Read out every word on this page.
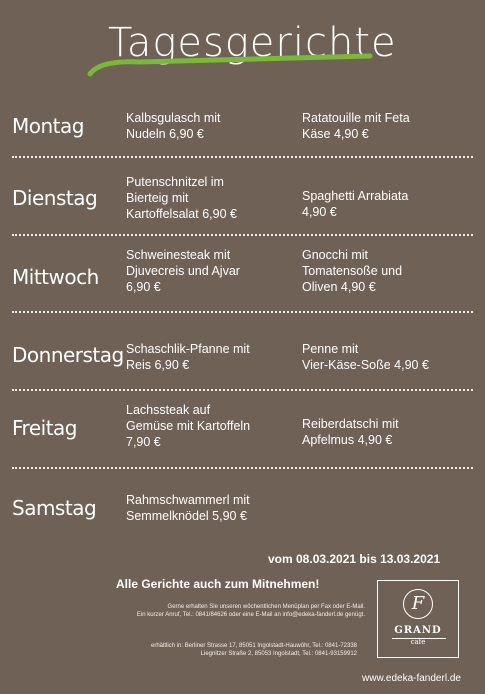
Tagesgerichte
Montag	Kalbsgulasch mit
Nudeln 6,90 €
Ratatouille mit Feta
Käse 4,90 €
Dienstag
Putenschnitzel im
Bierteig mit
Kartoffelsalat 6,90 €
Spaghetti Arrabiata
4,90 €
Mittwoch
Schweinesteak mit
Djuvecreis und Ajvar
6,90 €
Gnocchi mit
Tomatensoße und
Oliven 4,90 €
Donnerstag Schaschlik-Pfanne mit
Reis 6,90 €
Penne mit
Vier-Käse-Soße 4,90 €
Freitag
Lachssteak auf
Gemüse mit Kartoffeln
7,90 €
Reiberdatschi mit
Apfelmus 4,90 €
Samstag Rahmschwammerl mit
Semmelknödel 5,90 €
vom 08.03.2021 bis 13.03.2021
Alle Gerichte auch zum Mitnehmen!
Gerne erhalten Sie unseren wöchentlichen Menüplan per Fax oder E-Mail.
Ein kurzer Anruf, Tel.: 0841/84626 oder eine E-Mail an info@edeka-fanderl.de genügt.
erhältlich in: Berliner Strasse 17, 85051 Ingolstadt-Hauwöhr, Tel.: 0841-72338
Liegnitzer Straße 2, 85053 Ingolstadt, Tel.: 0841-93159912
F
GRAND
café
www.edeka-fanderl.de
